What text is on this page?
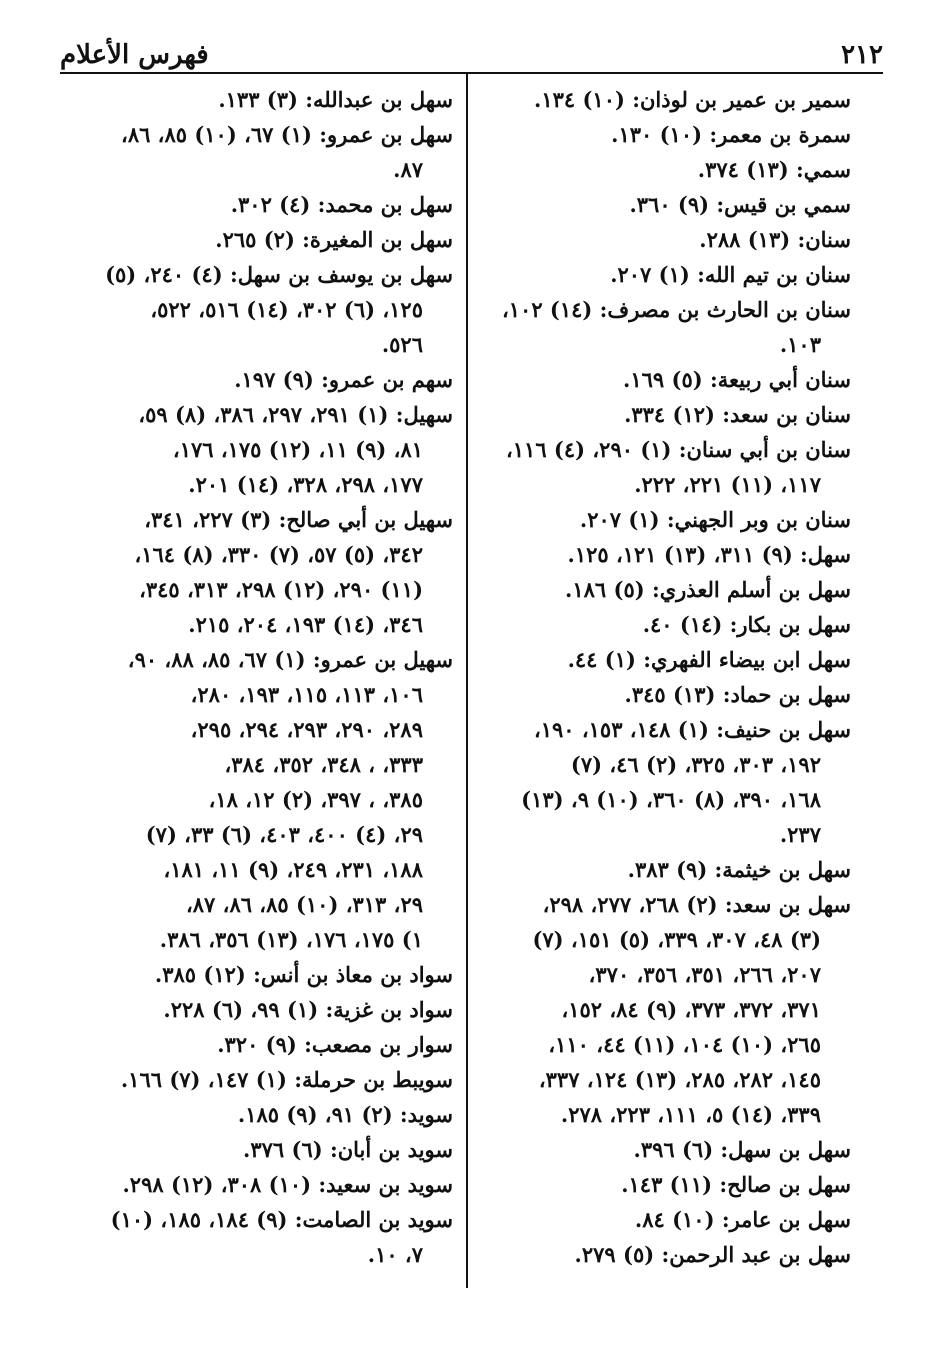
٢١٢
فهرس الأعلام
سمير بن عمير بن لوذان: (١٠) ١٣٤.
سمرة بن معمر: (١٠) ١٣٠.
سمي: (١٣) ٣٧٤.
سمي بن قيس: (٩) ٣٦٠.
سنان: (١٣) ٢٨٨.
سنان بن تيم الله: (١) ٢٠٧.
سنان بن الحارث بن مصرف: (١٤) ١٠٢،
١٠٣.
سنان أبي ربيعة: (٥) ١٦٩.
سنان بن سعد: (١٢) ٣٣٤.
سنان بن أبي سنان: (١) ٢٩٠، (٤) ١١٦،
١١٧، (١١) ٢٢١، ٢٢٢.
سنان بن وبر الجهني: (١) ٢٠٧.
سهل: (٩) ٣١١، (١٣) ١٢١، ١٢٥.
سهل بن أسلم العذري: (٥) ١٨٦.
سهل بن بكار: (١٤) ٤٠.
سهل ابن بيضاء الفهري: (١) ٤٤.
سهل بن حماد: (١٣) ٣٤٥.
سهل بن حنيف: (١) ١٤٨، ١٥٣، ١٩٠،
١٩٢، ٣٠٣، ٣٢٥، (٢) ٤٦، (٧)
١٦٨، ٣٩٠، (٨) ٣٦٠، (١٠) ٩، (١٣)
٢٣٧.
سهل بن خيثمة: (٩) ٣٨٣.
سهل بن سعد: (٢) ٢٦٨، ٢٧٧، ٢٩٨،
(٣) ٤٨، ٣٠٧، ٣٣٩، (٥) ١٥١، (٧)
٢٠٧، ٢٦٦، ٣٥١، ٣٥٦، ٣٧٠،
٣٧١، ٣٧٢، ٣٧٣، (٩) ٨٤، ١٥٢،
٢٦٥، (١٠) ١٠٤، (١١) ٤٤، ١١٠،
١٤٥، ٢٨٢، ٢٨٥، (١٣) ١٢٤، ٣٣٧،
٣٣٩، (١٤) ٥، ١١١، ٢٢٣، ٢٧٨.
سهل بن سهل: (٦) ٣٩٦.
سهل بن صالح: (١١) ١٤٣.
سهل بن عامر: (١٠) ٨٤.
سهل بن عبد الرحمن: (٥) ٢٧٩.
سهل بن عبدالله: (٣) ١٣٣.
سهل بن عمرو: (١) ٦٧، (١٠) ٨٥، ٨٦،
٨٧.
سهل بن محمد: (٤) ٣٠٢.
سهل بن المغيرة: (٢) ٢٦٥.
سهل بن يوسف بن سهل: (٤) ٢٤٠، (٥)
١٢٥، (٦) ٣٠٢، (١٤) ٥١٦، ٥٢٢،
٥٢٦.
سهم بن عمرو: (٩) ١٩٧.
سهيل: (١) ٢٩١، ٢٩٧، ٣٨٦، (٨) ٥٩،
٨١، (٩) ١١، (١٢) ١٧٥، ١٧٦،
١٧٧، ٢٩٨، ٣٢٨، (١٤) ٢٠١.
سهيل بن أبي صالح: (٣) ٢٢٧، ٣٤١،
٣٤٢، (٥) ٥٧، (٧) ٣٣٠، (٨) ١٦٤،
(١١) ٢٩٠، (١٢) ٢٩٨، ٣١٣، ٣٤٥،
٣٤٦، (١٤) ١٩٣، ٢٠٤، ٢١٥.
سهيل بن عمرو: (١) ٦٧، ٨٥، ٨٨، ٩٠،
١٠٦، ١١٣، ١١٥، ١٩٣، ٢٨٠،
٢٨٩، ٢٩٠، ٢٩٣، ٢٩٤، ٢٩٥،
٣٣٣، ، ٣٤٨، ٣٥٢، ٣٨٤،
٣٨٥، ، ٣٩٧، (٢) ١٢، ١٨،
٢٩، (٤) ٤٠٠، ٤٠٣، (٦) ٣٣، (٧)
١٨٨، ٢٣١، ٢٤٩، (٩) ١١، ١٨١،
٢٩، ٣١٣، (١٠) ٨٥، ٨٦، ٨٧،
١) ١٧٥، ١٧٦، (١٣) ٣٥٦، ٣٨٦.
سواد بن معاذ بن أنس: (١٢) ٣٨٥.
سواد بن غزية: (١) ٩٩، (٦) ٢٢٨.
سوار بن مصعب: (٩) ٣٢٠.
سويبط بن حرملة: (١) ١٤٧، (٧) ١٦٦.
سويد: (٢) ٩١، (٩) ١٨٥.
سويد بن أبان: (٦) ٣٧٦.
سويد بن سعيد: (١٠) ٣٠٨، (١٢) ٢٩٨.
سويد بن الصامت: (٩) ١٨٤، ١٨٥، (١٠)
٧، ١٠.
